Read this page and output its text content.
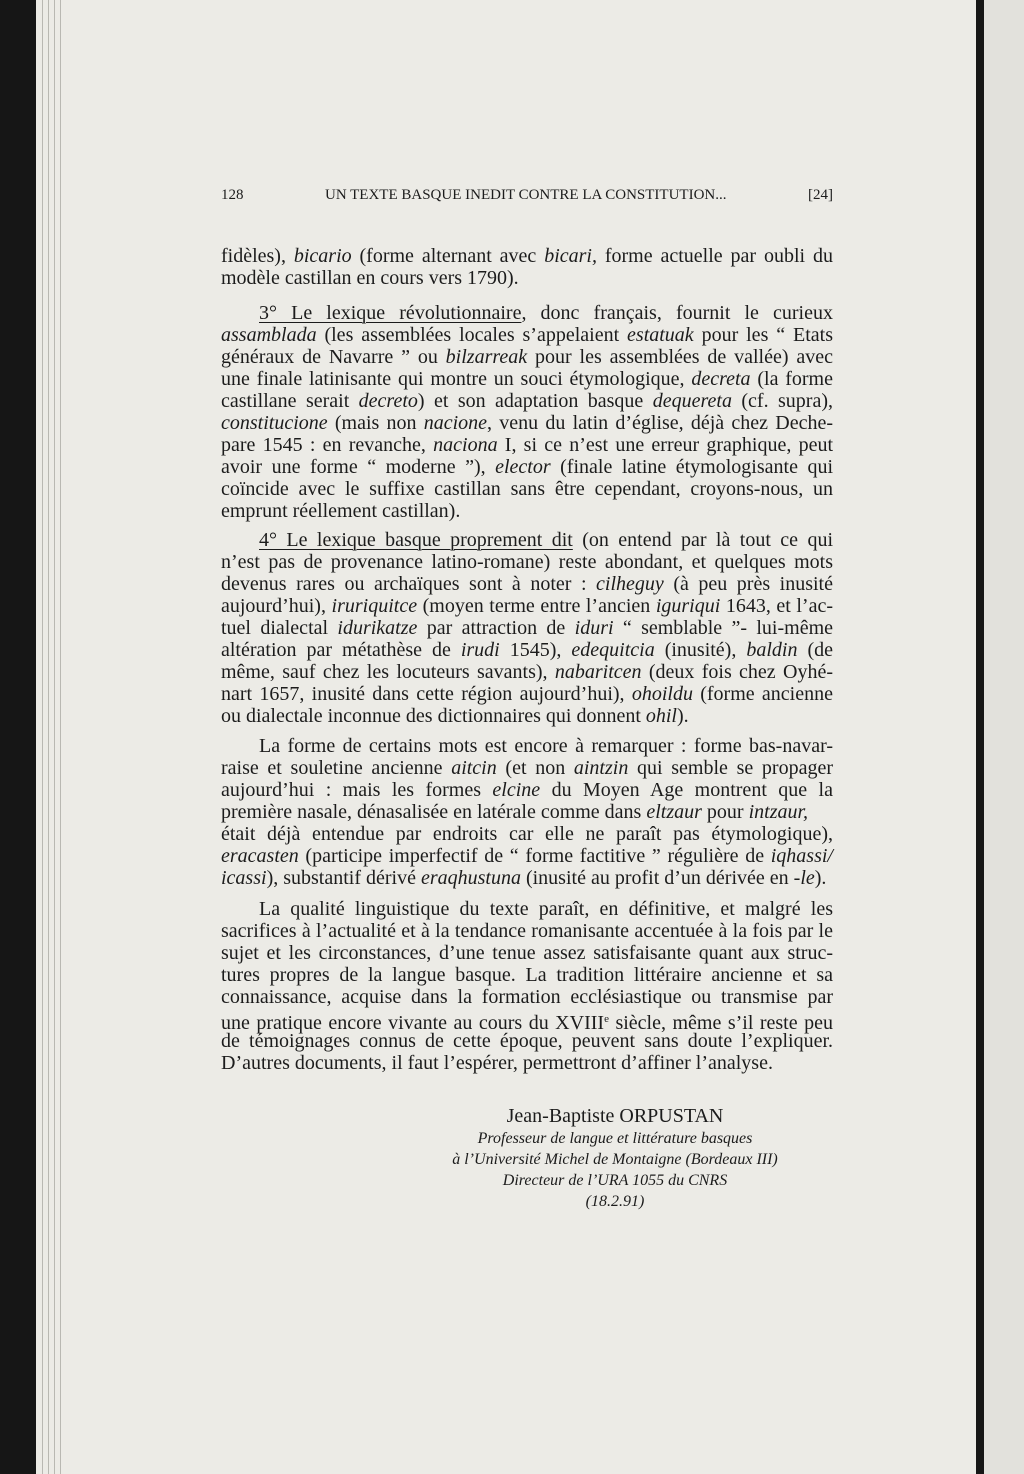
128	UN TEXTE BASQUE INEDIT CONTRE LA CONSTITUTION...	[24]
fidèles), bicario (forme alternant avec bicari, forme actuelle par oubli du
modèle castillan en cours vers 1790).
3° Le lexique révolutionnaire, donc français, fournit le curieux
assamblada (les assemblées locales s’appelaient estatuak pour les “ Etats
généraux de Navarre ” ou bilzarreak pour les assemblées de vallée) avec
une finale latinisante qui montre un souci étymologique, decreta (la forme
castillane serait decreto) et son adaptation basque dequereta (cf. supra),
constitucione (mais non nacione, venu du latin d’église, déjà chez Deche-
pare 1545 : en revanche, naciona I, si ce n’est une erreur graphique, peut
avoir une forme “ moderne ”), elector (finale latine étymologisante qui
coïncide avec le suffixe castillan sans être cependant, croyons-nous, un
emprunt réellement castillan).
4° Le lexique basque proprement dit (on entend par là tout ce qui
n’est pas de provenance latino-romane) reste abondant, et quelques mots
devenus rares ou archaïques sont à noter : cilheguy (à peu près inusité
aujourd’hui), iruriquitce (moyen terme entre l’ancien iguriqui 1643, et l’ac-
tuel dialectal idurikatze par attraction de iduri “ semblable ”- lui-même
altération par métathèse de irudi 1545), edequitcia (inusité), baldin (de
même, sauf chez les locuteurs savants), nabaritcen (deux fois chez Oyhé-
nart 1657, inusité dans cette région aujourd’hui), ohoildu (forme ancienne
ou dialectale inconnue des dictionnaires qui donnent ohil).
La forme de certains mots est encore à remarquer : forme bas-navar-
raise et souletine ancienne aitcin (et non aintzin qui semble se propager
aujourd’hui : mais les formes elcine du Moyen Age montrent que la
première nasale, dénasalisée en latérale comme dans eltzaur pour intzaur,
était déjà entendue par endroits car elle ne paraît pas étymologique),
eracasten (participe imperfectif de “ forme factitive ” régulière de iqhassi/
icassi), substantif dérivé eraqhustuna (inusité au profit d’un dérivée en -le).
La qualité linguistique du texte paraît, en définitive, et malgré les
sacrifices à l’actualité et à la tendance romanisante accentuée à la fois par le
sujet et les circonstances, d’une tenue assez satisfaisante quant aux struc-
tures propres de la langue basque. La tradition littéraire ancienne et sa
connaissance, acquise dans la formation ecclésiastique ou transmise par
une pratique encore vivante au cours du XVIIIe siècle, même s’il reste peu
de témoignages connus de cette époque, peuvent sans doute l’expliquer.
D’autres documents, il faut l’espérer, permettront d’affiner l’analyse.
Jean-Baptiste ORPUSTAN
Professeur de langue et littérature basques
à l’Université Michel de Montaigne (Bordeaux III)
Directeur de l’URA 1055 du CNRS
(18.2.91)
